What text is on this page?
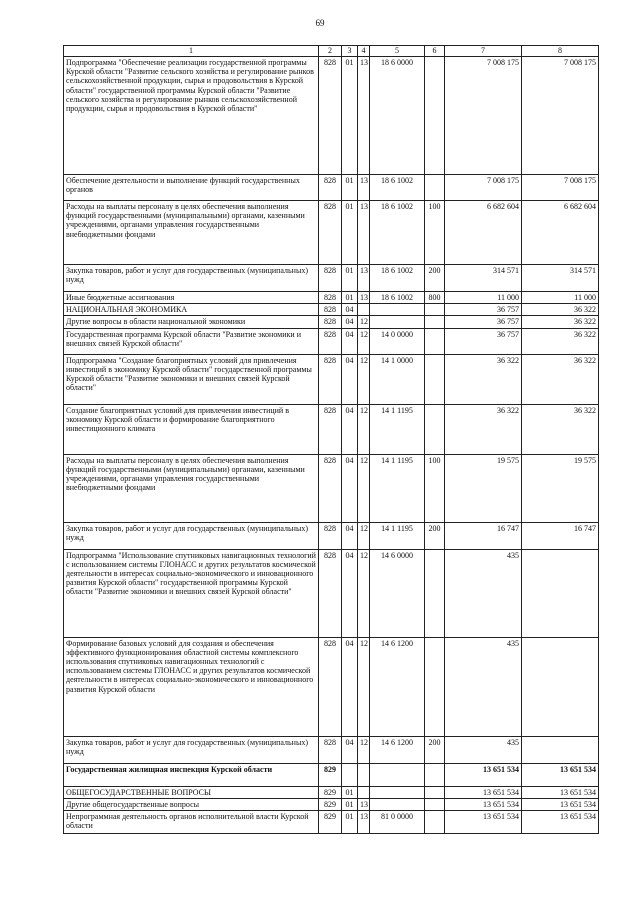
69
1	2	3	4	5	6	7	8
Подпрограмма "Обеспечение реализации государственной программы Курской области "Развитие сельского хозяйства и регулирование рынков сельскохозяйственной продукции, сырья и продовольствия в Курской области" государственной программы Курской области "Развитие сельского хозяйства и регулирование рынков сельскохозяйственной продукции, сырья и продовольствия в Курской области"	828	01	13	18 6 0000		7 008 175	7 008 175
Обеспечение деятельности и выполнение функций государственных органов	828	01	13	18 6 1002		7 008 175	7 008 175
Расходы на выплаты персоналу в целях обеспечения выполнения функций государственными (муниципальными) органами, казенными учреждениями, органами управления государственными внебюджетными фондами	828	01	13	18 6 1002	100	6 682 604	6 682 604
Закупка товаров, работ и услуг для государственных (муниципальных) нужд	828	01	13	18 6 1002	200	314 571	314 571
Иные бюджетные ассигнования	828	01	13	18 6 1002	800	11 000	11 000
НАЦИОНАЛЬНАЯ ЭКОНОМИКА	828	04				36 757	36 322
Другие вопросы в области национальной экономики	828	04	12			36 757	36 322
Государственная программа Курской области "Развитие экономики и внешних связей Курской области"	828	04	12	14 0 0000		36 757	36 322
Подпрограмма "Создание благоприятных условий для привлечения инвестиций в экономику Курской области" государственной программы Курской области "Развитие экономики и внешних связей Курской области"	828	04	12	14 1 0000		36 322	36 322
Создание благоприятных условий для привлечения инвестиций в экономику Курской области и формирование благоприятного инвестиционного климата	828	04	12	14 1 1195		36 322	36 322
Расходы на выплаты персоналу в целях обеспечения выполнения функций государственными (муниципальными) органами, казенными учреждениями, органами управления государственными внебюджетными фондами	828	04	12	14 1 1195	100	19 575	19 575
Закупка товаров, работ и услуг для государственных (муниципальных) нужд	828	04	12	14 1 1195	200	16 747	16 747
Подпрограмма "Использование спутниковых навигационных технологий с использованием системы ГЛОНАСС и других результатов космической деятельности в интересах социально-экономического и инновационного развития Курской области" государственной программы Курской области "Развитие экономики и внешних связей Курской области"	828	04	12	14 6 0000		435	
Формирование базовых условий для создания и обеспечения эффективного функционирования областной системы комплексного использования спутниковых навигационных технологий с использованием системы ГЛОНАСС и других результатов космической деятельности в интересах социально-экономического и инновационного развития Курской области	828	04	12	14 6 1200		435	
Закупка товаров, работ и услуг для государственных (муниципальных) нужд	828	04	12	14 6 1200	200	435	
Государственная жилищная инспекция Курской области	829					13 651 534	13 651 534
ОБЩЕГОСУДАРСТВЕННЫЕ ВОПРОСЫ	829	01				13 651 534	13 651 534
Другие общегосударственные вопросы	829	01	13			13 651 534	13 651 534
Непрограммная деятельность органов исполнительной власти Курской области	829	01	13	81 0 0000		13 651 534	13 651 534
